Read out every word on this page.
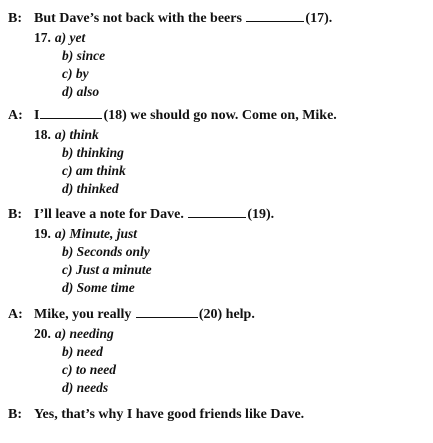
B: But Dave’s not back with the beers	(17).
17. a) yet
b) since
c) by
d) also
A: I	(18) we should go now. Come on, Mike.
18. a) think
b) thinking
c) am think
d) thinked
B: I’ll leave a note for Dave.	(19).
19. a) Minute, just
b) Seconds only
c) Just a minute
d) Some time
A: Mike, you really	(20) help.
20. a) needing
b) need
c) to need
d) needs
B: Yes, that’s why I have good friends like Dave.
